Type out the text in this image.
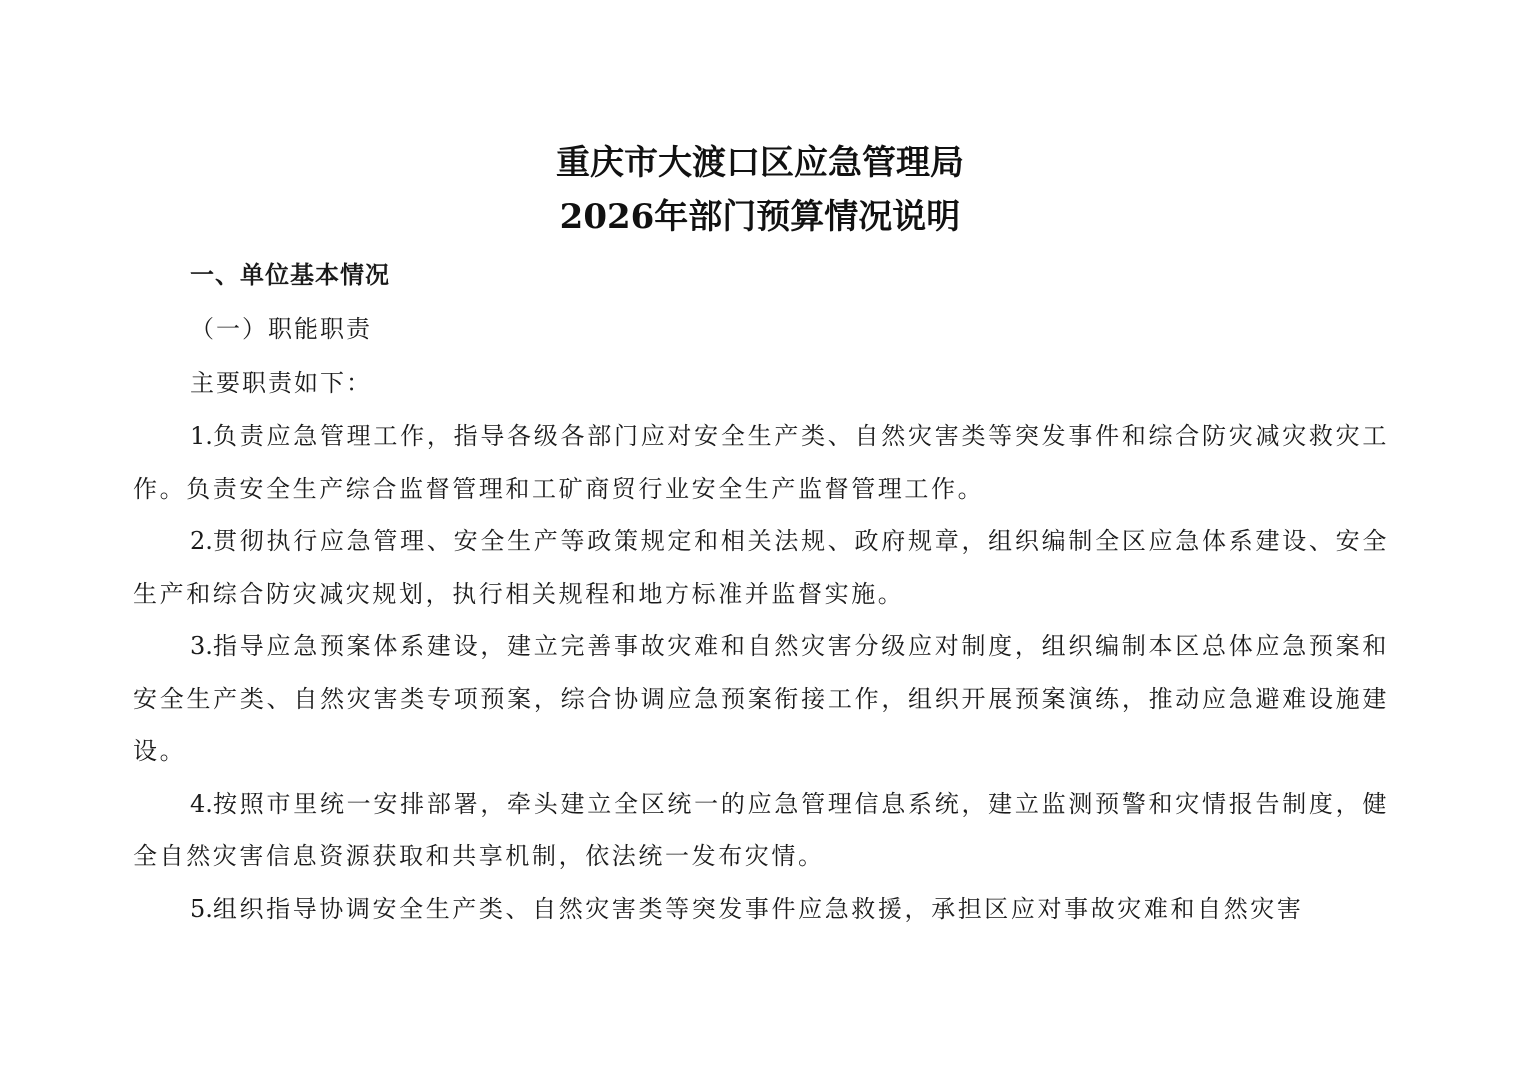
重庆市大渡口区应急管理局
2026年部门预算情况说明

一、单位基本情况

（一）职能职责

主要职责如下：

1.负责应急管理工作，指导各级各部门应对安全生产类、自然灾害类等突发事件和综合防灾减灾救灾工作。负责安全生产综合监督管理和工矿商贸行业安全生产监督管理工作。

2.贯彻执行应急管理、安全生产等政策规定和相关法规、政府规章，组织编制全区应急体系建设、安全生产和综合防灾减灾规划，执行相关规程和地方标准并监督实施。

3.指导应急预案体系建设，建立完善事故灾难和自然灾害分级应对制度，组织编制本区总体应急预案和安全生产类、自然灾害类专项预案，综合协调应急预案衔接工作，组织开展预案演练，推动应急避难设施建设。

4.按照市里统一安排部署，牵头建立全区统一的应急管理信息系统，建立监测预警和灾情报告制度，健全自然灾害信息资源获取和共享机制，依法统一发布灾情。

5.组织指导协调安全生产类、自然灾害类等突发事件应急救援，承担区应对事故灾难和自然灾害
